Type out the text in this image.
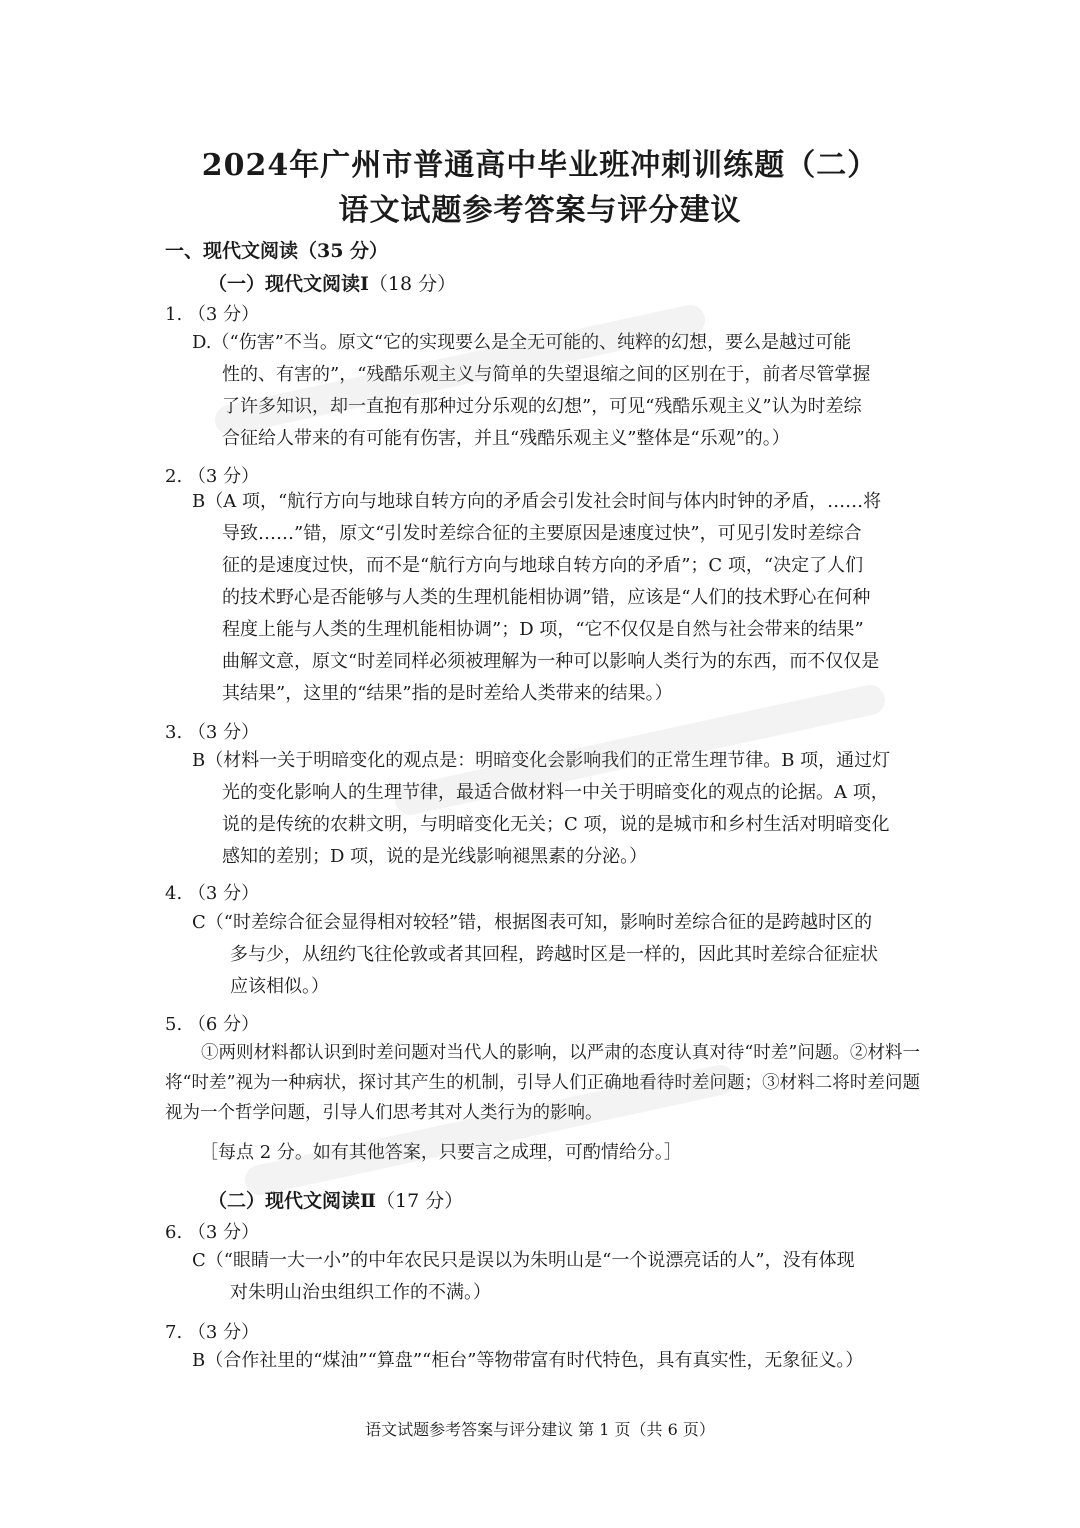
2024年广州市普通高中毕业班冲刺训练题（二）
语文试题参考答案与评分建议
一、现代文阅读（35 分）
（一）现代文阅读Ⅰ（18 分）
1. （3 分）
D.（“伤害”不当。原文“它的实现要么是全无可能的、纯粹的幻想，要么是越过可能
性的、有害的”，“残酷乐观主义与简单的失望退缩之间的区别在于，前者尽管掌握
了许多知识，却一直抱有那种过分乐观的幻想”，可见“残酷乐观主义”认为时差综
合征给人带来的有可能有伤害，并且“残酷乐观主义”整体是“乐观”的。）
2. （3 分）
B（A 项，“航行方向与地球自转方向的矛盾会引发社会时间与体内时钟的矛盾，……将
导致……”错，原文“引发时差综合征的主要原因是速度过快”，可见引发时差综合
征的是速度过快，而不是“航行方向与地球自转方向的矛盾”；C 项，“决定了人们
的技术野心是否能够与人类的生理机能相协调”错，应该是“人们的技术野心在何种
程度上能与人类的生理机能相协调”；D 项，“它不仅仅是自然与社会带来的结果”
曲解文意，原文“时差同样必须被理解为一种可以影响人类行为的东西，而不仅仅是
其结果”，这里的“结果”指的是时差给人类带来的结果。）
3. （3 分）
B（材料一关于明暗变化的观点是：明暗变化会影响我们的正常生理节律。B 项，通过灯
光的变化影响人的生理节律，最适合做材料一中关于明暗变化的观点的论据。A 项，
说的是传统的农耕文明，与明暗变化无关；C 项，说的是城市和乡村生活对明暗变化
感知的差别；D 项，说的是光线影响褪黑素的分泌。）
4. （3 分）
C（“时差综合征会显得相对较轻”错，根据图表可知，影响时差综合征的是跨越时区的
多与少，从纽约飞往伦敦或者其回程，跨越时区是一样的，因此其时差综合征症状
应该相似。）
5. （6 分）
①两则材料都认识到时差问题对当代人的影响，以严肃的态度认真对待“时差”问题。②材料一将“时差”视为一种病状，探讨其产生的机制，引导人们正确地看待时差问题；③材料二将时差问题视为一个哲学问题，引导人们思考其对人类行为的影响。
［每点 2 分。如有其他答案，只要言之成理，可酌情给分。］
（二）现代文阅读Ⅱ（17 分）
6. （3 分）
C（“眼睛一大一小”的中年农民只是误以为朱明山是“一个说漂亮话的人”，没有体现
对朱明山治虫组织工作的不满。）
7. （3 分）
B（合作社里的“煤油”“算盘”“柜台”等物带富有时代特色，具有真实性，无象征义。）
语文试题参考答案与评分建议 第 1 页（共 6 页）
